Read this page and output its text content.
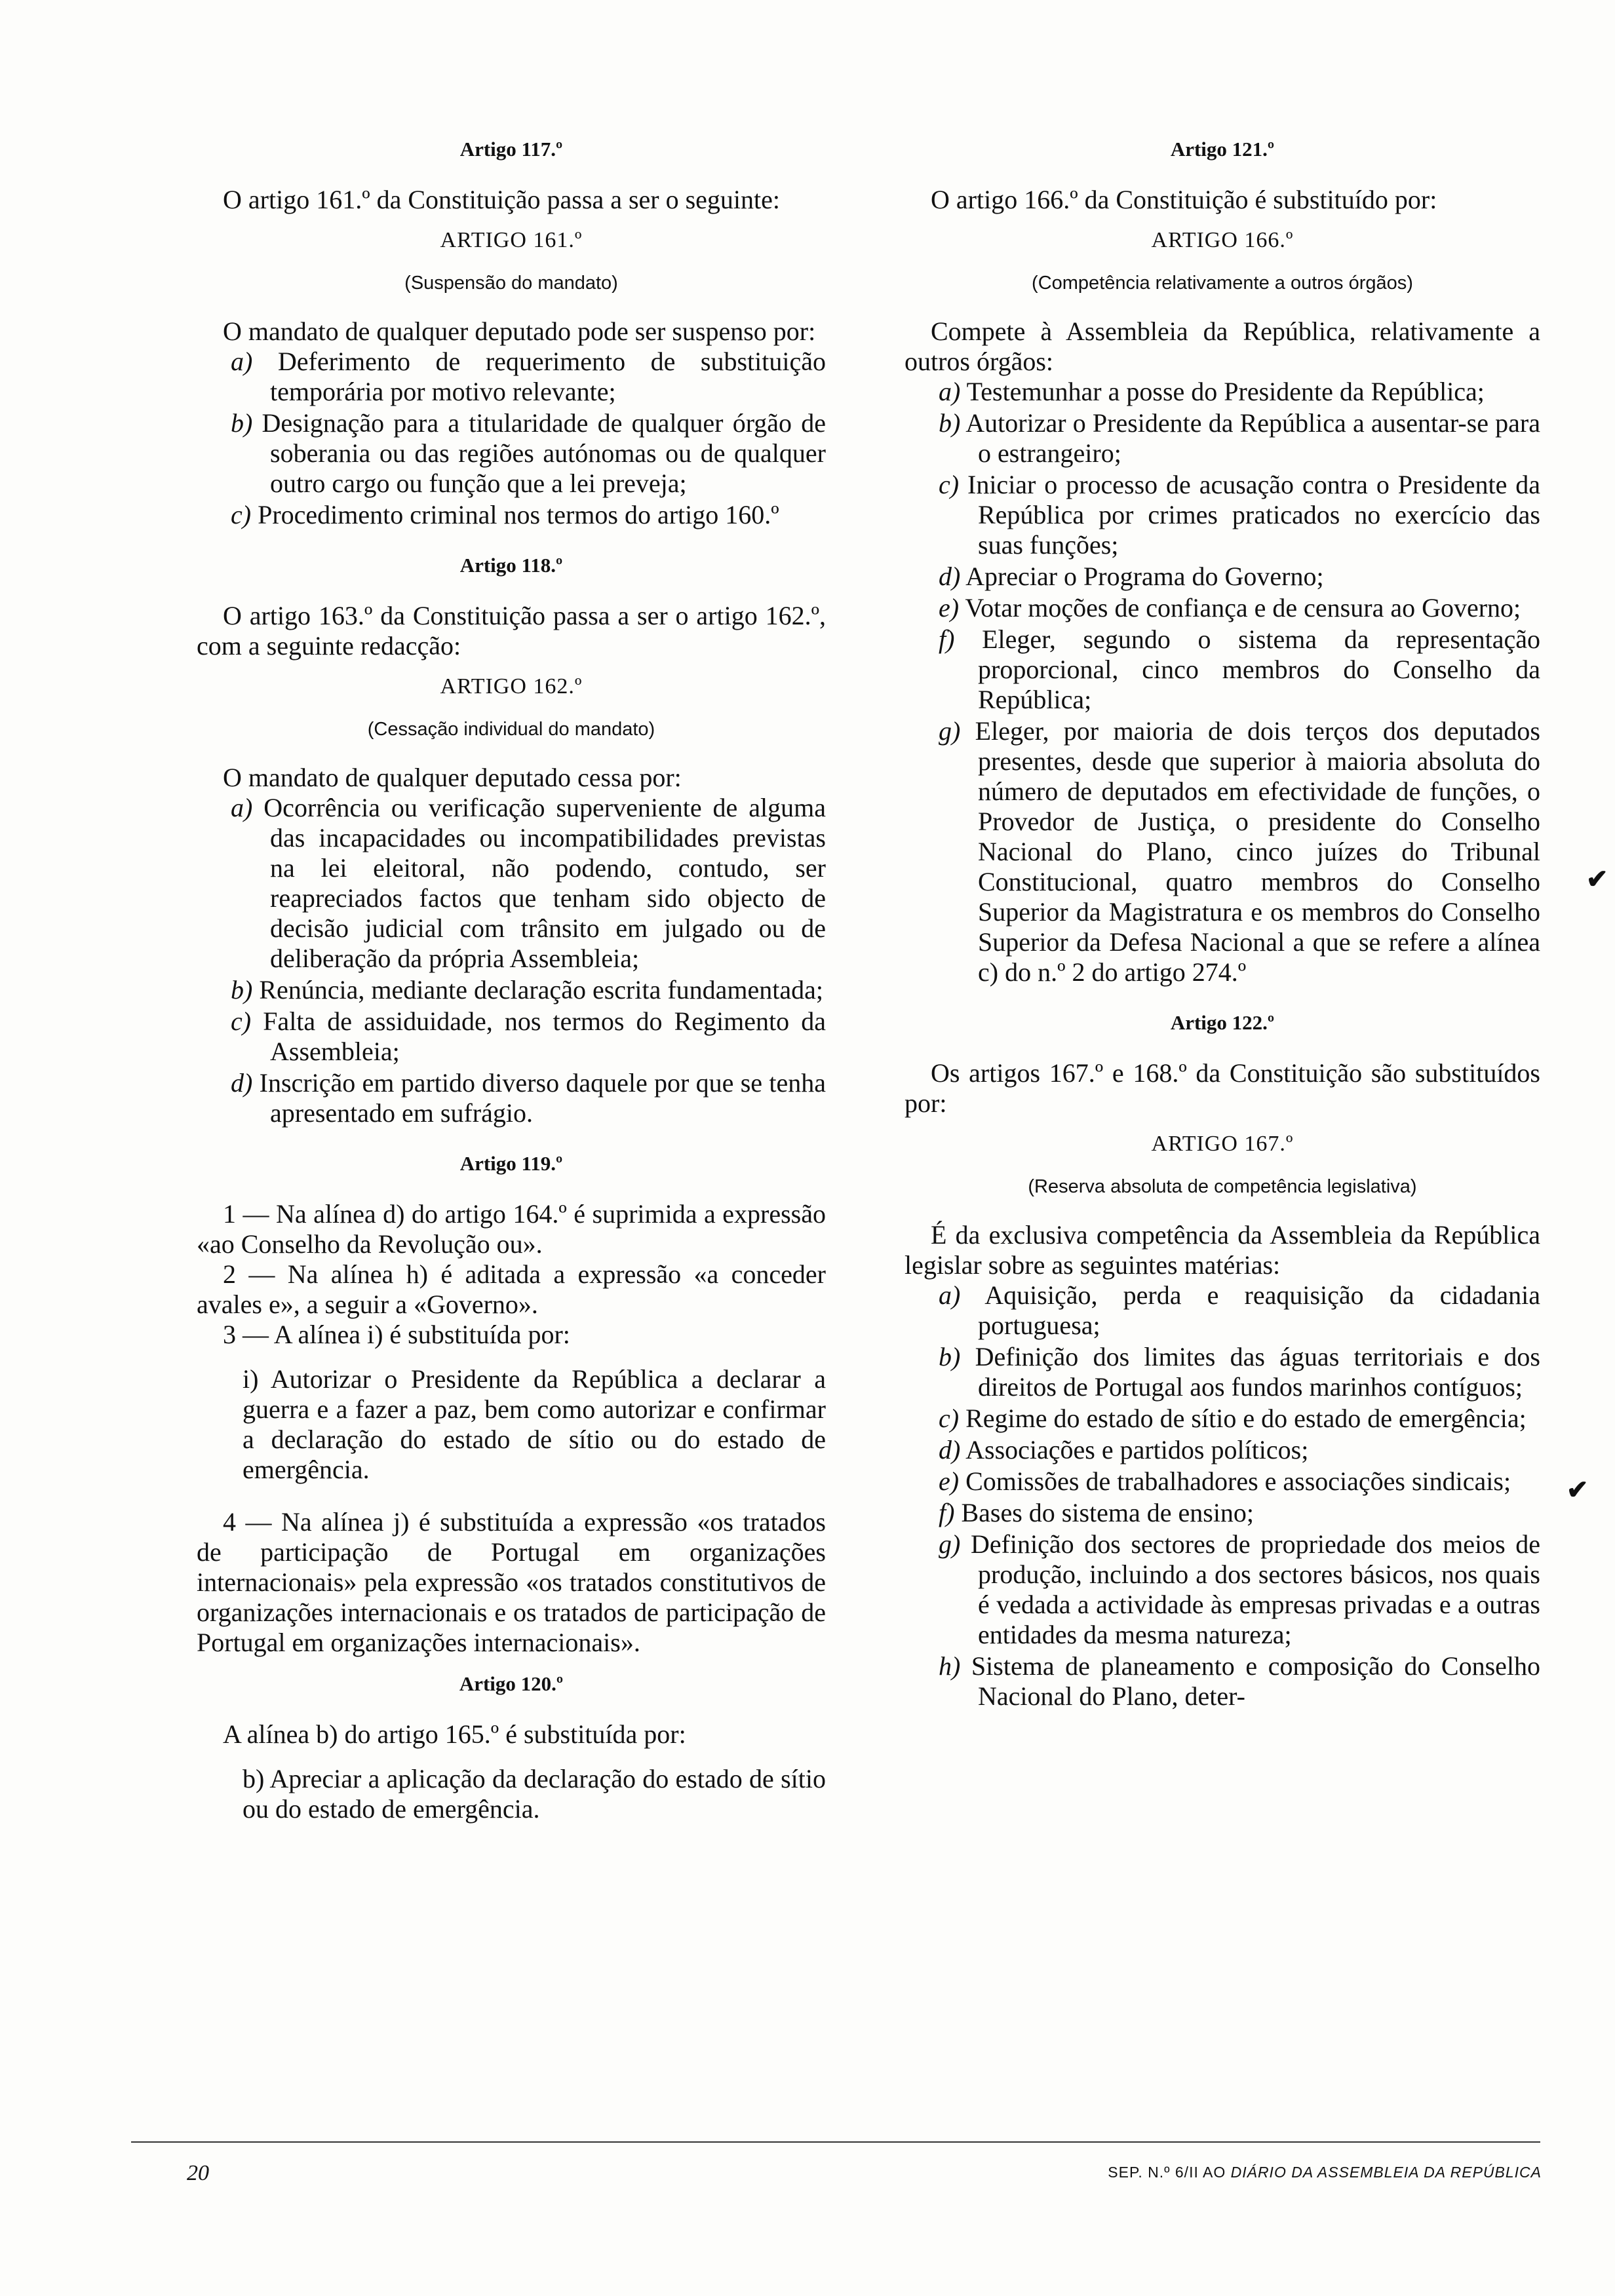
Artigo 117.º

O artigo 161.º da Constituição passa a ser o seguinte:

ARTIGO 161.º
(Suspensão do mandato)

O mandato de qualquer deputado pode ser suspenso por:

a) Deferimento de requerimento de substituição temporária por motivo relevante;
b) Designação para a titularidade de qualquer órgão de soberania ou das regiões autónomas ou de qualquer outro cargo ou função que a lei preveja;
c) Procedimento criminal nos termos do artigo 160.º
Artigo 118.º

O artigo 163.º da Constituição passa a ser o artigo 162.º, com a seguinte redacção:

ARTIGO 162.º
(Cessação individual do mandato)

O mandato de qualquer deputado cessa por:

a) Ocorrência ou verificação superveniente de alguma das incapacidades ou incompatibilidades previstas na lei eleitoral, não podendo, contudo, ser reapreciados factos que tenham sido objecto de decisão judicial com trânsito em julgado ou de deliberação da própria Assembleia;
b) Renúncia, mediante declaração escrita fundamentada;
c) Falta de assiduidade, nos termos do Regimento da Assembleia;
d) Inscrição em partido diverso daquele por que se tenha apresentado em sufrágio.
Artigo 119.º

1 — Na alínea d) do artigo 164.º é suprimida a expressão «ao Conselho da Revolução ou».

2 — Na alínea h) é aditada a expressão «a conceder avales e», a seguir a «Governo».

3 — A alínea i) é substituída por:

i) Autorizar o Presidente da República a declarar a guerra e a fazer a paz, bem como autorizar e confirmar a declaração do estado de sítio ou do estado de emergência.

4 — Na alínea j) é substituída a expressão «os tratados de participação de Portugal em organizações internacionais» pela expressão «os tratados constitutivos de organizações internacionais e os tratados de participação de Portugal em organizações internacionais».

Artigo 120.º

A alínea b) do artigo 165.º é substituída por:

b) Apreciar a aplicação da declaração do estado de sítio ou do estado de emergência.

Artigo 121.º

O artigo 166.º da Constituição é substituído por:

ARTIGO 166.º
(Competência relativamente a outros órgãos)

Compete à Assembleia da República, relativamente a outros órgãos:

a) Testemunhar a posse do Presidente da República;
b) Autorizar o Presidente da República a ausentar-se para o estrangeiro;
c) Iniciar o processo de acusação contra o Presidente da República por crimes praticados no exercício das suas funções;
d) Apreciar o Programa do Governo;
e) Votar moções de confiança e de censura ao Governo;
f) Eleger, segundo o sistema da representação proporcional, cinco membros do Conselho da República;
g) Eleger, por maioria de dois terços dos deputados presentes, desde que superior à maioria absoluta do número de deputados em efectividade de funções, o Provedor de Justiça, o presidente do Conselho Nacional do Plano, cinco juízes do Tribunal Constitucional, quatro membros do Conselho Superior da Magistratura e os membros do Conselho Superior da Defesa Nacional a que se refere a alínea c) do n.º 2 do artigo 274.º
Artigo 122.º

Os artigos 167.º e 168.º da Constituição são substituídos por:

ARTIGO 167.º
(Reserva absoluta de competência legislativa)

É da exclusiva competência da Assembleia da República legislar sobre as seguintes matérias:

a) Aquisição, perda e reaquisição da cidadania portuguesa;
b) Definição dos limites das águas territoriais e dos direitos de Portugal aos fundos marinhos contíguos;
c) Regime do estado de sítio e do estado de emergência;
d) Associações e partidos políticos;
e) Comissões de trabalhadores e associações sindicais;
f) Bases do sistema de ensino;
g) Definição dos sectores de propriedade dos meios de produção, incluindo a dos sectores básicos, nos quais é vedada a actividade às empresas privadas e a outras entidades da mesma natureza;
h) Sistema de planeamento e composição do Conselho Nacional do Plano, deter-
✔
✔
20	SEP. N.º 6/II AO DIÁRIO DA ASSEMBLEIA DA REPÚBLICA
